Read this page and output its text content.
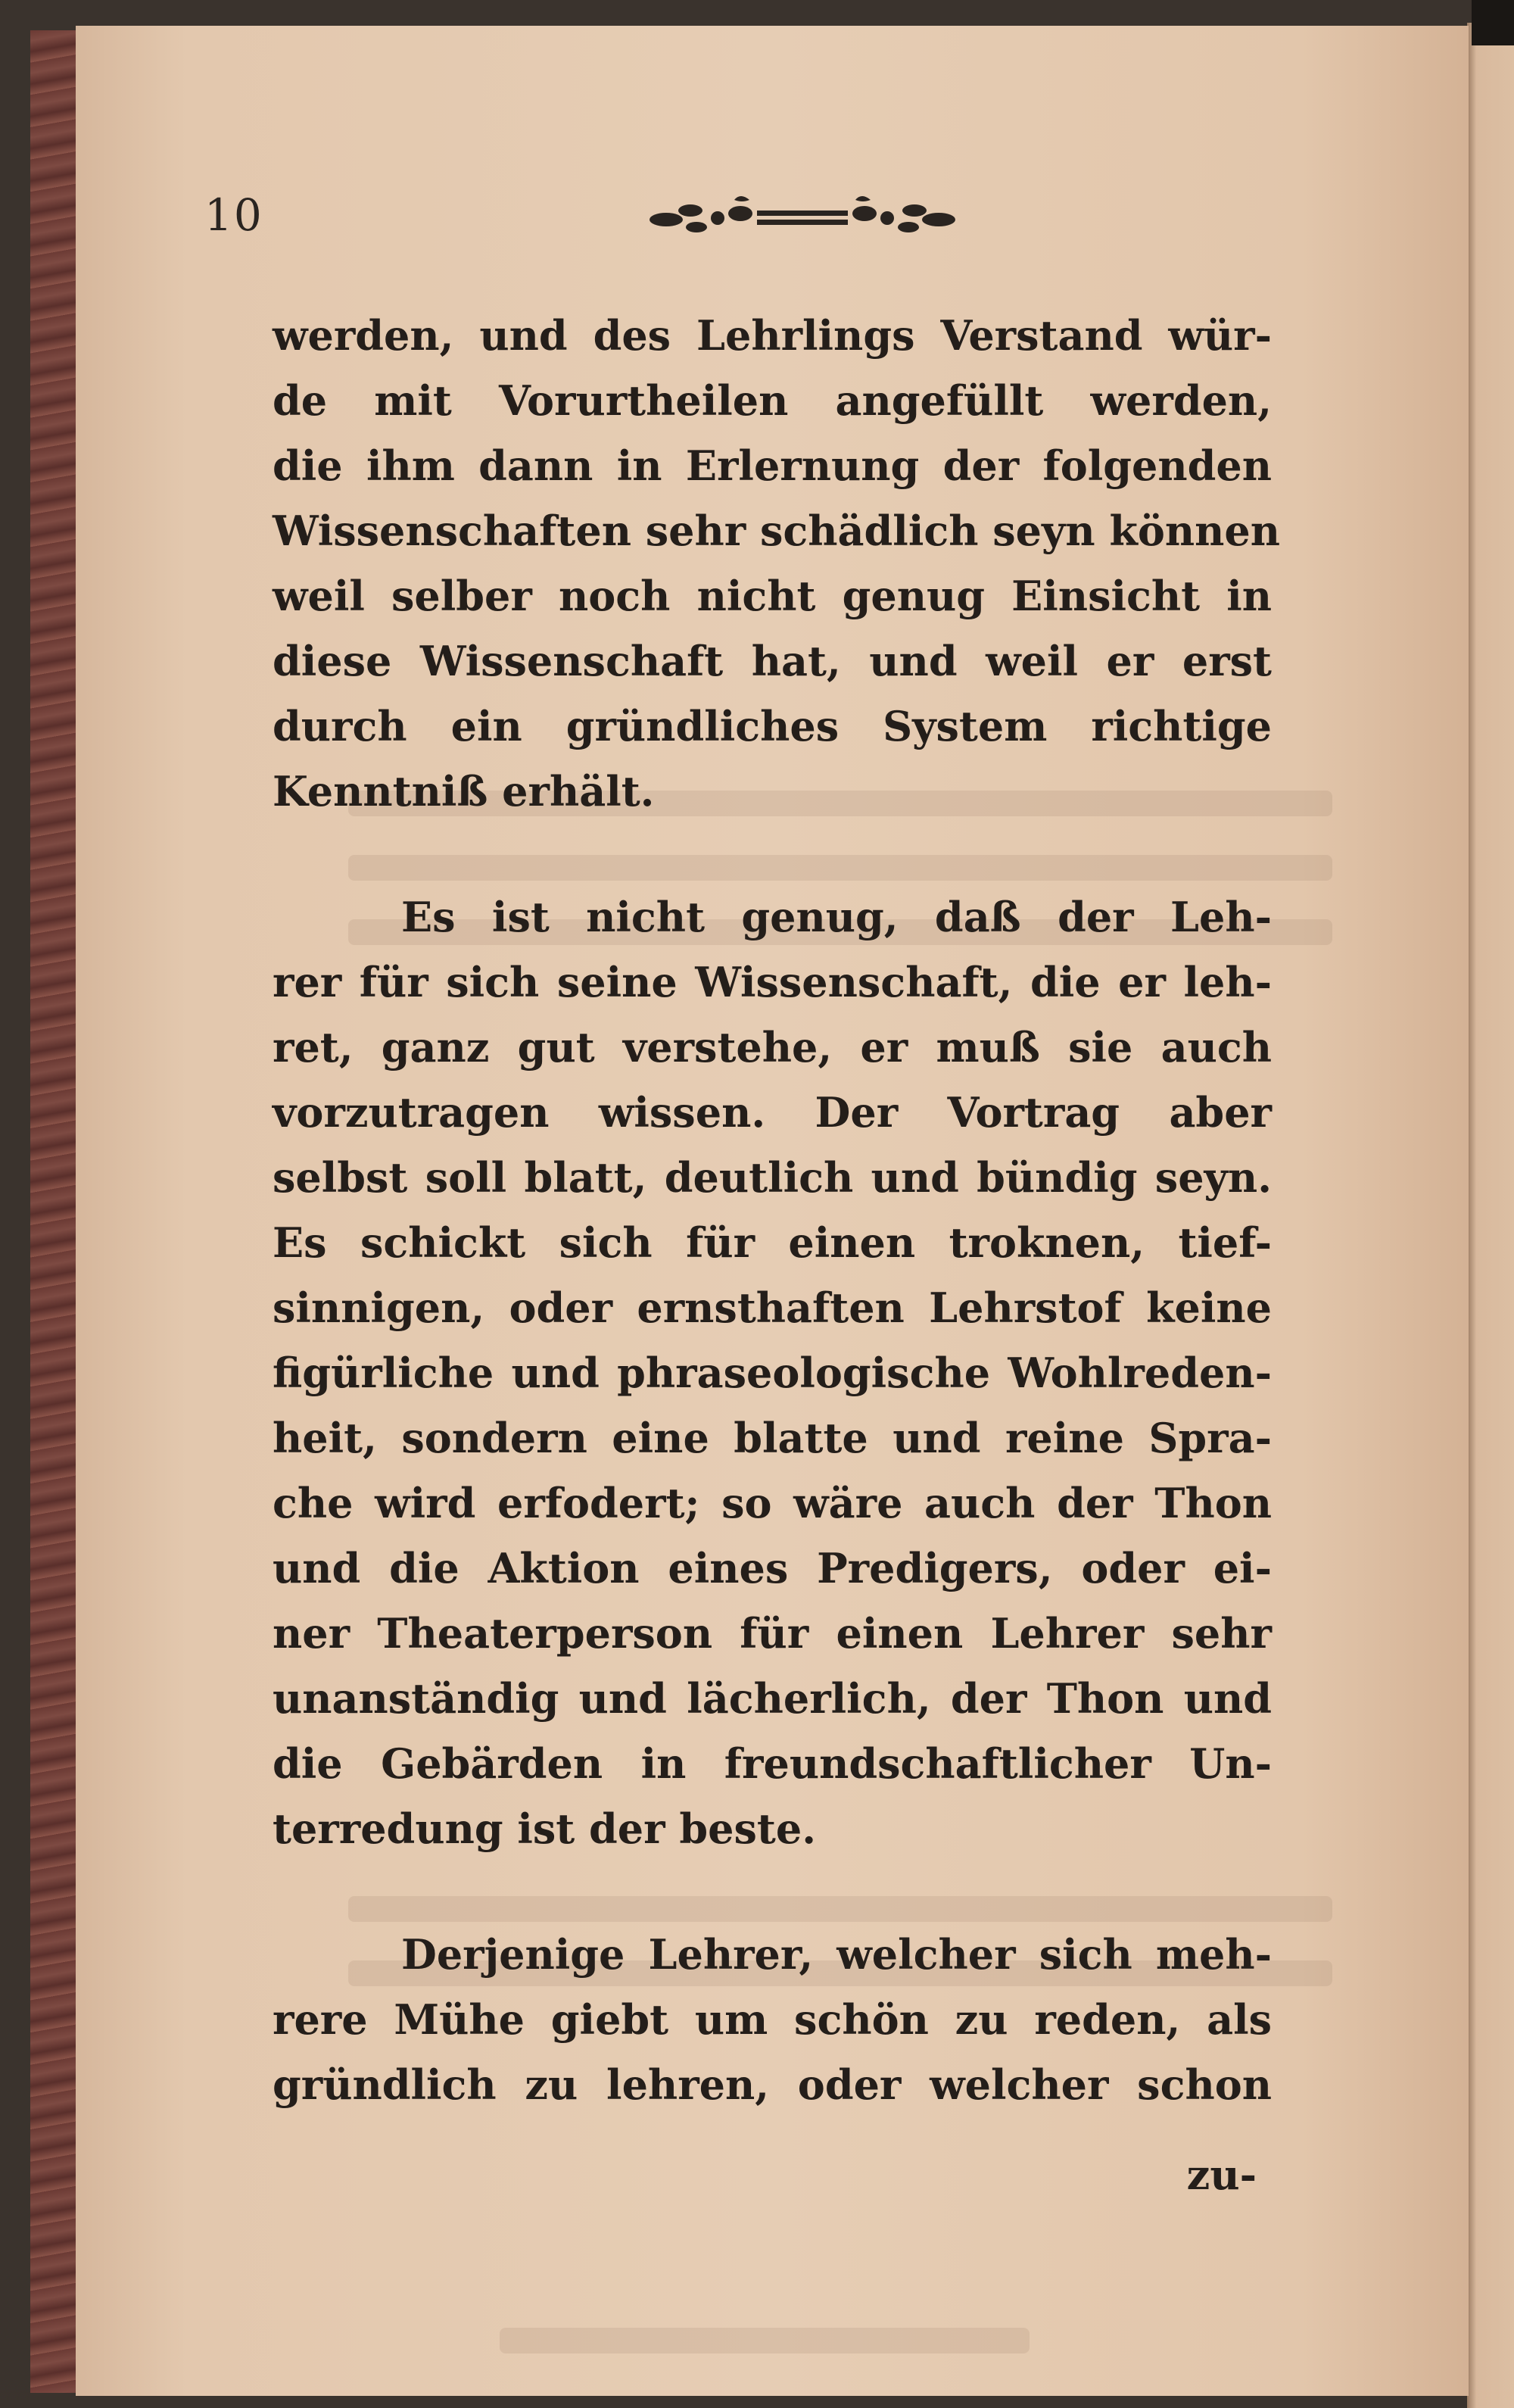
10
werden, und des Lehrlings Verstand wür-
de mit Vorurtheilen angefüllt werden,
die ihm dann in Erlernung der folgenden
Wissenschaften sehr schädlich seyn können
weil selber noch nicht genug Einsicht in
diese Wissenschaft hat, und weil er erst
durch ein gründliches System richtige
Kenntniß erhält.
Es ist nicht genug, daß der Leh-
rer für sich seine Wissenschaft, die er leh-
ret, ganz gut verstehe, er muß sie auch
vorzutragen wissen. Der Vortrag aber
selbst soll blatt, deutlich und bündig seyn.
Es schickt sich für einen troknen, tief-
sinnigen, oder ernsthaften Lehrstof keine
figürliche und phraseologische Wohlreden-
heit, sondern eine blatte und reine Spra-
che wird erfodert; so wäre auch der Thon
und die Aktion eines Predigers, oder ei-
ner Theaterperson für einen Lehrer sehr
unanständig und lächerlich, der Thon und
die Gebärden in freundschaftlicher Un-
terredung ist der beste.
Derjenige Lehrer, welcher sich meh-
rere Mühe giebt um schön zu reden, als
gründlich zu lehren, oder welcher schon
zu-
